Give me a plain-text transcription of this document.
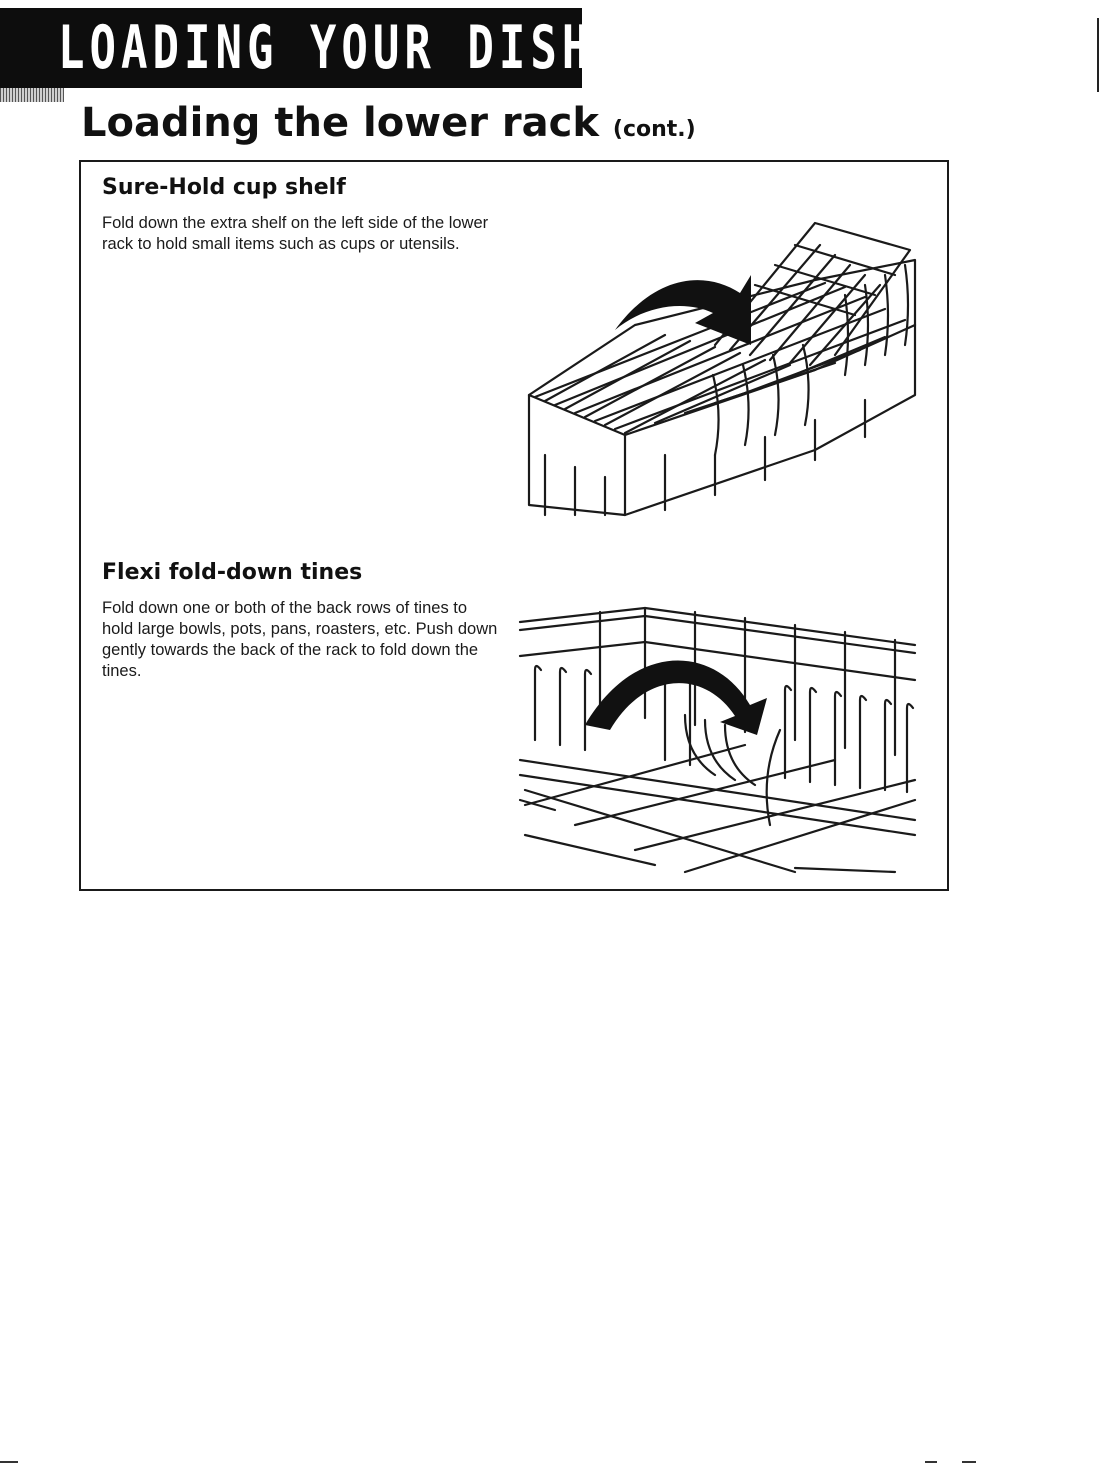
LOADING YOUR DISHWASHER
Loading the lower rack (cont.)
Sure-Hold cup shelf

Fold down the extra shelf on the left side of the lower rack to hold small items such as cups or utensils.

Flexi fold-down tines

Fold down one or both of the back rows of tines to hold large bowls, pots, pans, roasters, etc. Push down gently towards the back of the rack to fold down the tines.
